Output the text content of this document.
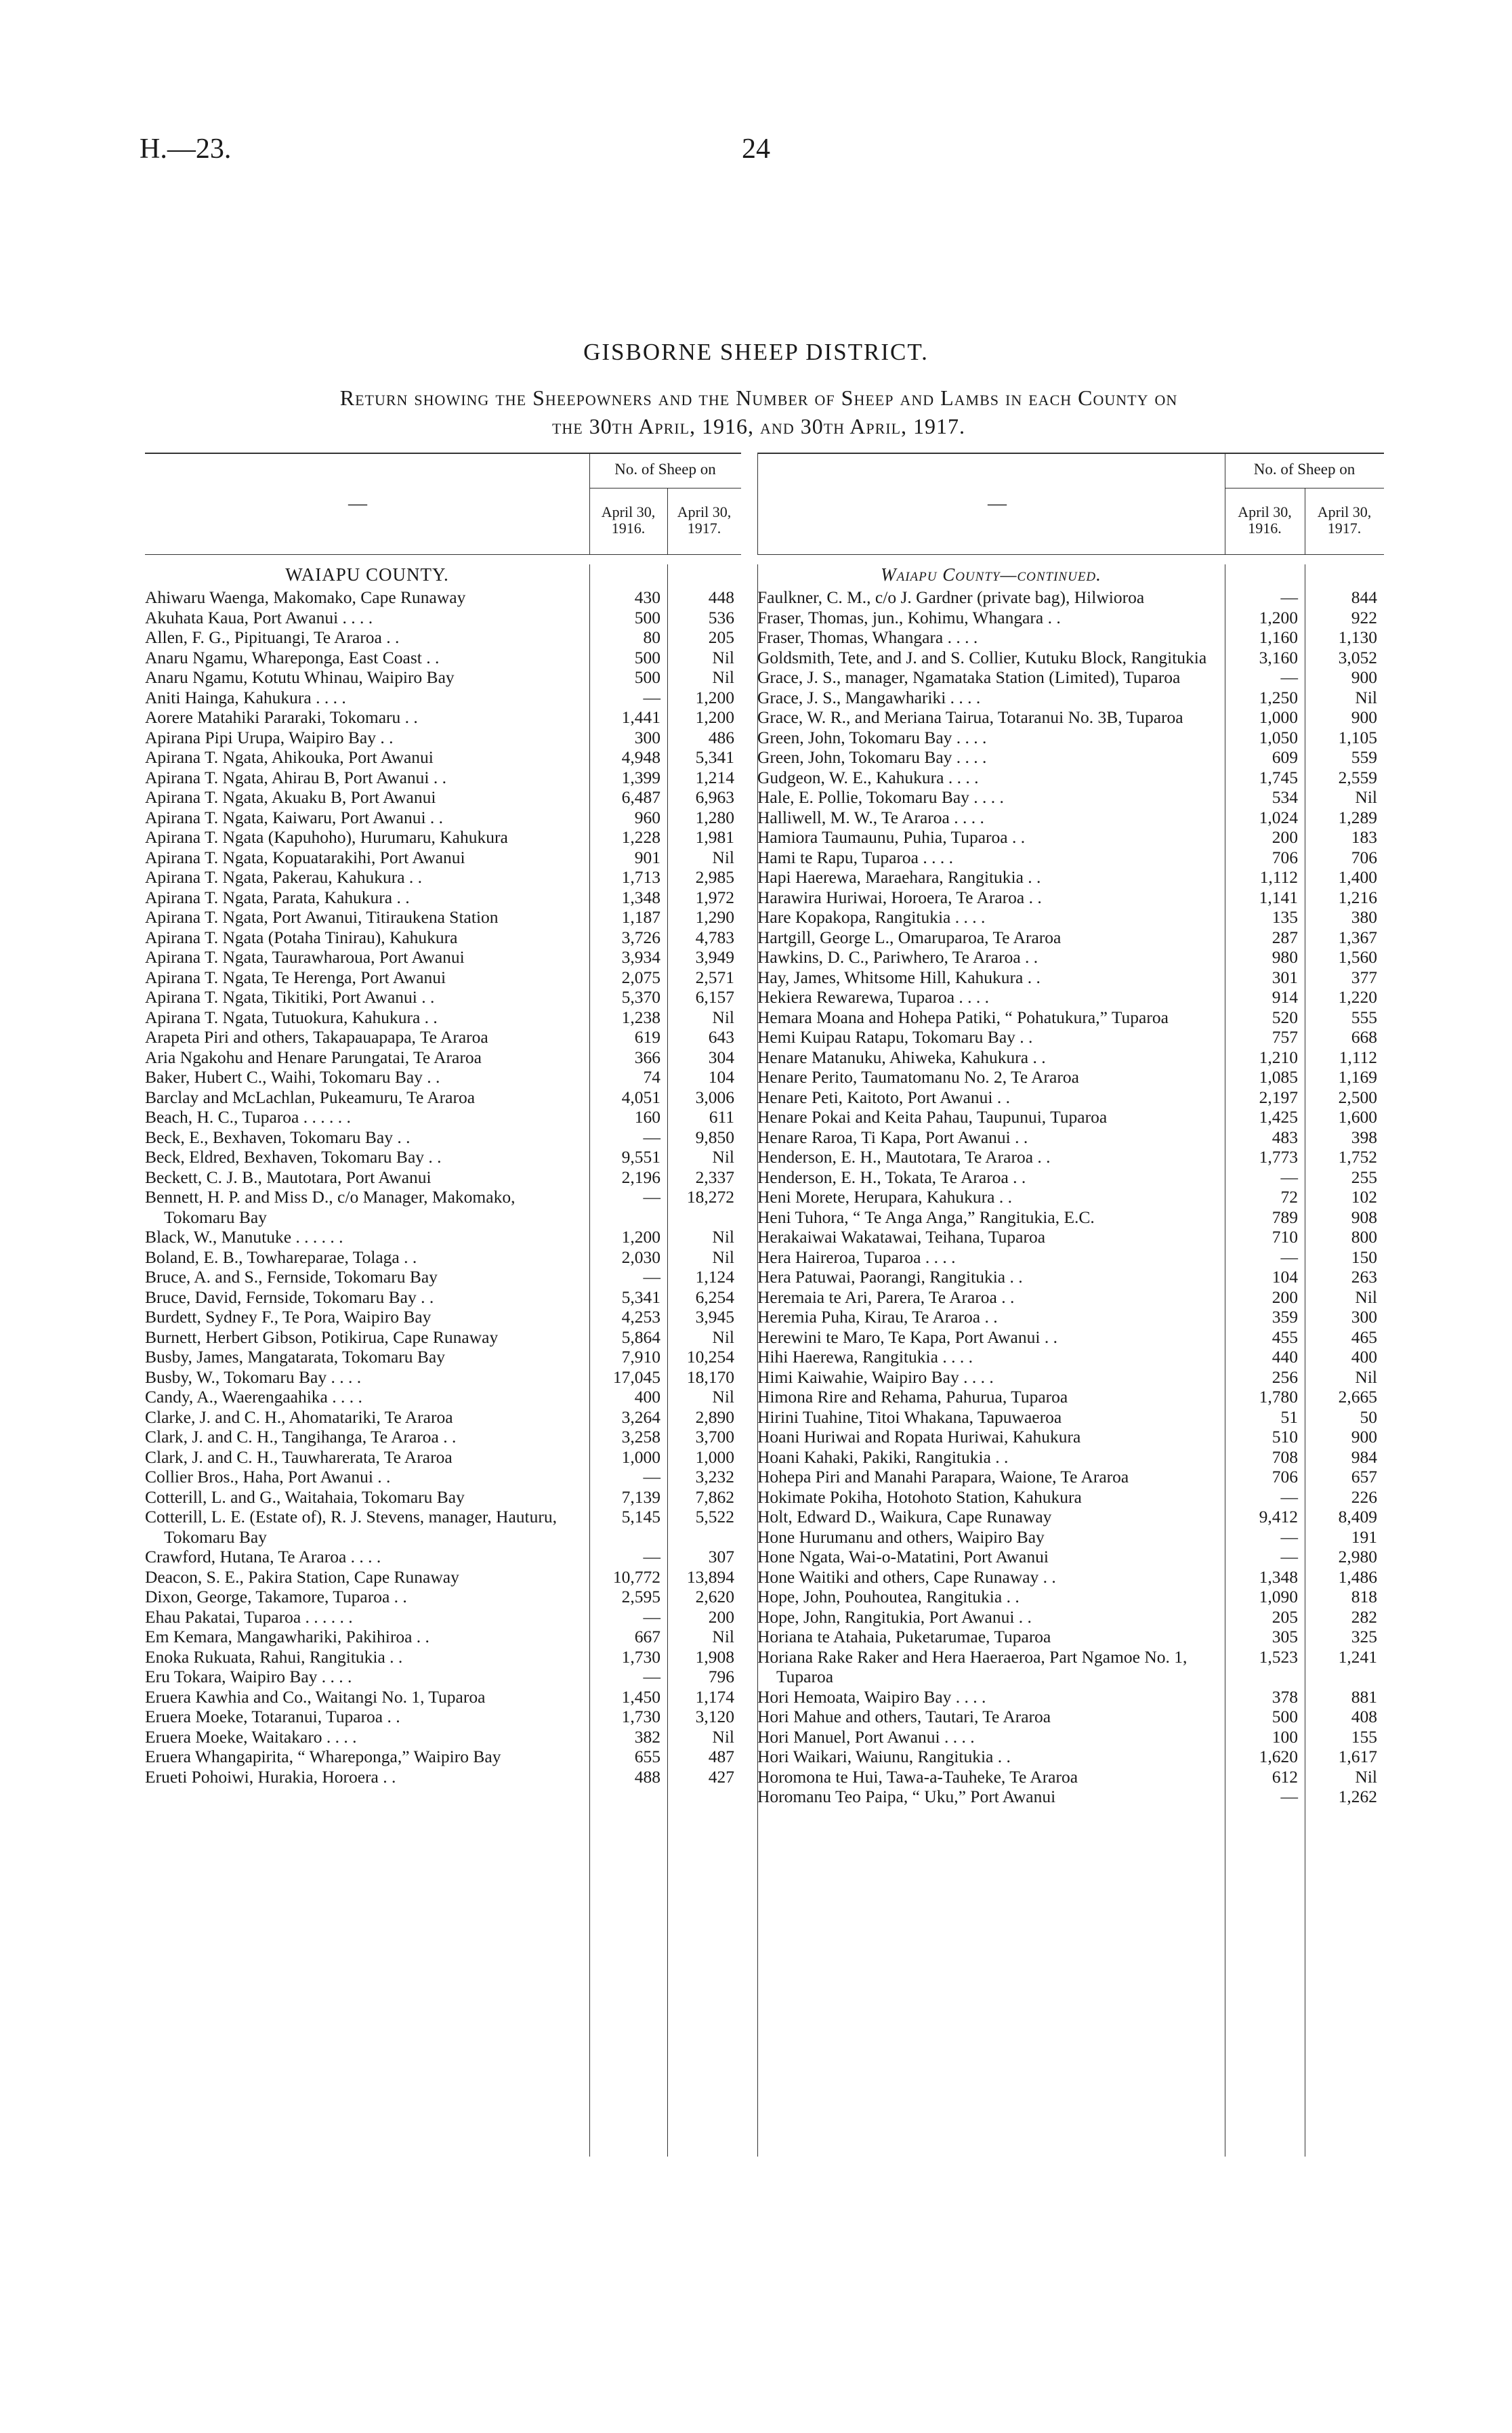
H.—23.	24
GISBORNE SHEEP DISTRICT.
Return showing the Sheepowners and the Number of Sheep and Lambs in each County on
the 30th April, 1916, and 30th April, 1917.
—
No. of Sheep on
April 30, 1916.
April 30, 1917.
WAIAPU COUNTY.
Ahiwaru Waenga, Makomako, Cape Runaway	430	448
Akuhata Kaua, Port Awanui . . . .	500	536
Allen, F. G., Pipituangi, Te Araroa . .	80	205
Anaru Ngamu, Whareponga, East Coast . .	500	Nil
Anaru Ngamu, Kotutu Whinau, Waipiro Bay	500	Nil
Aniti Hainga, Kahukura . . . .	—	1,200
Aorere Matahiki Pararaki, Tokomaru . .	1,441	1,200
Apirana Pipi Urupa, Waipiro Bay . .	300	486
Apirana T. Ngata, Ahikouka, Port Awanui	4,948	5,341
Apirana T. Ngata, Ahirau B, Port Awanui . .	1,399	1,214
Apirana T. Ngata, Akuaku B, Port Awanui	6,487	6,963
Apirana T. Ngata, Kaiwaru, Port Awanui . .	960	1,280
Apirana T. Ngata (Kapuhoho), Hurumaru, Kahukura	1,228	1,981
Apirana T. Ngata, Kopuatarakihi, Port Awanui	901	Nil
Apirana T. Ngata, Pakerau, Kahukura . .	1,713	2,985
Apirana T. Ngata, Parata, Kahukura . .	1,348	1,972
Apirana T. Ngata, Port Awanui, Titiraukena Station	1,187	1,290
Apirana T. Ngata (Potaha Tinirau), Kahukura	3,726	4,783
Apirana T. Ngata, Taurawharoua, Port Awanui	3,934	3,949
Apirana T. Ngata, Te Herenga, Port Awanui	2,075	2,571
Apirana T. Ngata, Tikitiki, Port Awanui . .	5,370	6,157
Apirana T. Ngata, Tutuokura, Kahukura . .	1,238	Nil
Arapeta Piri and others, Takapauapapa, Te Araroa	619	643
Aria Ngakohu and Henare Parungatai, Te Araroa	366	304
Baker, Hubert C., Waihi, Tokomaru Bay . .	74	104
Barclay and McLachlan, Pukeamuru, Te Araroa	4,051	3,006
Beach, H. C., Tuparoa . . . . . .	160	611
Beck, E., Bexhaven, Tokomaru Bay . .	—	9,850
Beck, Eldred, Bexhaven, Tokomaru Bay . .	9,551	Nil
Beckett, C. J. B., Mautotara, Port Awanui	2,196	2,337
Bennett, H. P. and Miss D., c/o Manager, Makomako, Tokomaru Bay
—	18,272
Black, W., Manutuke . . . . . .	1,200	Nil
Boland, E. B., Towhareparae, Tolaga . .	2,030	Nil
Bruce, A. and S., Fernside, Tokomaru Bay	—	1,124
Bruce, David, Fernside, Tokomaru Bay . .	5,341	6,254
Burdett, Sydney F., Te Pora, Waipiro Bay	4,253	3,945
Burnett, Herbert Gibson, Potikirua, Cape Runaway	5,864	Nil
Busby, James, Mangatarata, Tokomaru Bay	7,910	10,254
Busby, W., Tokomaru Bay . . . .	17,045	18,170
Candy, A., Waerengaahika . . . .	400	Nil
Clarke, J. and C. H., Ahomatariki, Te Araroa	3,264	2,890
Clark, J. and C. H., Tangihanga, Te Araroa . .	3,258	3,700
Clark, J. and C. H., Tauwharerata, Te Araroa	1,000	1,000
Collier Bros., Haha, Port Awanui . .	—	3,232
Cotterill, L. and G., Waitahaia, Tokomaru Bay	7,139	7,862
Cotterill, L. E. (Estate of), R. J. Stevens, manager, Hauturu, Tokomaru Bay
5,145	5,522
Crawford, Hutana, Te Araroa . . . .	—	307
Deacon, S. E., Pakira Station, Cape Runaway	10,772	13,894
Dixon, George, Takamore, Tuparoa . .	2,595	2,620
Ehau Pakatai, Tuparoa . . . . . .	—	200
Em Kemara, Mangawhariki, Pakihiroa . .	667	Nil
Enoka Rukuata, Rahui, Rangitukia . .	1,730	1,908
Eru Tokara, Waipiro Bay . . . .	—	796
Eruera Kawhia and Co., Waitangi No. 1, Tuparoa	1,450	1,174
Eruera Moeke, Totaranui, Tuparoa . .	1,730	3,120
Eruera Moeke, Waitakaro . . . .	382	Nil
Eruera Whangapirita, “ Whareponga,” Waipiro Bay	655	487
Erueti Pohoiwi, Hurakia, Horoera . .	488	427
—
No. of Sheep on
April 30, 1916.
April 30, 1917.
Waiapu County—continued.
Faulkner, C. M., c/o J. Gardner (private bag), Hilwioroa	—	844
Fraser, Thomas, jun., Kohimu, Whangara . .	1,200	922
Fraser, Thomas, Whangara . . . .	1,160	1,130
Goldsmith, Tete, and J. and S. Collier, Kutuku Block, Rangitukia	3,160	3,052
Grace, J. S., manager, Ngamataka Station (Limited), Tuparoa	—	900
Grace, J. S., Mangawhariki . . . .	1,250	Nil
Grace, W. R., and Meriana Tairua, Totaranui No. 3B, Tuparoa	1,000	900
Green, John, Tokomaru Bay . . . .	1,050	1,105
Green, John, Tokomaru Bay . . . .	609	559
Gudgeon, W. E., Kahukura . . . .	1,745	2,559
Hale, E. Pollie, Tokomaru Bay . . . .	534	Nil
Halliwell, M. W., Te Araroa . . . .	1,024	1,289
Hamiora Taumaunu, Puhia, Tuparoa . .	200	183
Hami te Rapu, Tuparoa . . . .	706	706
Hapi Haerewa, Maraehara, Rangitukia . .	1,112	1,400
Harawira Huriwai, Horoera, Te Araroa . .	1,141	1,216
Hare Kopakopa, Rangitukia . . . .	135	380
Hartgill, George L., Omaruparoa, Te Araroa	287	1,367
Hawkins, D. C., Pariwhero, Te Araroa . .	980	1,560
Hay, James, Whitsome Hill, Kahukura . .	301	377
Hekiera Rewarewa, Tuparoa . . . .	914	1,220
Hemara Moana and Hohepa Patiki, “ Pohatukura,” Tuparoa	520	555
Hemi Kuipau Ratapu, Tokomaru Bay . .	757	668
Henare Matanuku, Ahiweka, Kahukura . .	1,210	1,112
Henare Perito, Taumatomanu No. 2, Te Araroa	1,085	1,169
Henare Peti, Kaitoto, Port Awanui . .	2,197	2,500
Henare Pokai and Keita Pahau, Taupunui, Tuparoa	1,425	1,600
Henare Raroa, Ti Kapa, Port Awanui . .	483	398
Henderson, E. H., Mautotara, Te Araroa . .	1,773	1,752
Henderson, E. H., Tokata, Te Araroa . .	—	255
Heni Morete, Herupara, Kahukura . .	72	102
Heni Tuhora, “ Te Anga Anga,” Rangitukia, E.C.	789	908
Herakaiwai Wakatawai, Teihana, Tuparoa	710	800
Hera Haireroa, Tuparoa . . . .	—	150
Hera Patuwai, Paorangi, Rangitukia . .	104	263
Heremaia te Ari, Parera, Te Araroa . .	200	Nil
Heremia Puha, Kirau, Te Araroa . .	359	300
Herewini te Maro, Te Kapa, Port Awanui . .	455	465
Hihi Haerewa, Rangitukia . . . .	440	400
Himi Kaiwahie, Waipiro Bay . . . .	256	Nil
Himona Rire and Rehama, Pahurua, Tuparoa	1,780	2,665
Hirini Tuahine, Titoi Whakana, Tapuwaeroa	51	50
Hoani Huriwai and Ropata Huriwai, Kahukura	510	900
Hoani Kahaki, Pakiki, Rangitukia . .	708	984
Hohepa Piri and Manahi Parapara, Waione, Te Araroa	706	657
Hokimate Pokiha, Hotohoto Station, Kahukura	—	226
Holt, Edward D., Waikura, Cape Runaway	9,412	8,409
Hone Hurumanu and others, Waipiro Bay	—	191
Hone Ngata, Wai-o-Matatini, Port Awanui	—	2,980
Hone Waitiki and others, Cape Runaway . .	1,348	1,486
Hope, John, Pouhoutea, Rangitukia . .	1,090	818
Hope, John, Rangitukia, Port Awanui . .	205	282
Horiana te Atahaia, Puketarumae, Tuparoa	305	325
Horiana Rake Raker and Hera Haeraeroa, Part Ngamoe No. 1, Tuparoa
1,523	1,241
Hori Hemoata, Waipiro Bay . . . .	378	881
Hori Mahue and others, Tautari, Te Araroa	500	408
Hori Manuel, Port Awanui . . . .	100	155
Hori Waikari, Waiunu, Rangitukia . .	1,620	1,617
Horomona te Hui, Tawa-a-Tauheke, Te Araroa	612	Nil
Horomanu Teo Paipa, “ Uku,” Port Awanui	—	1,262
